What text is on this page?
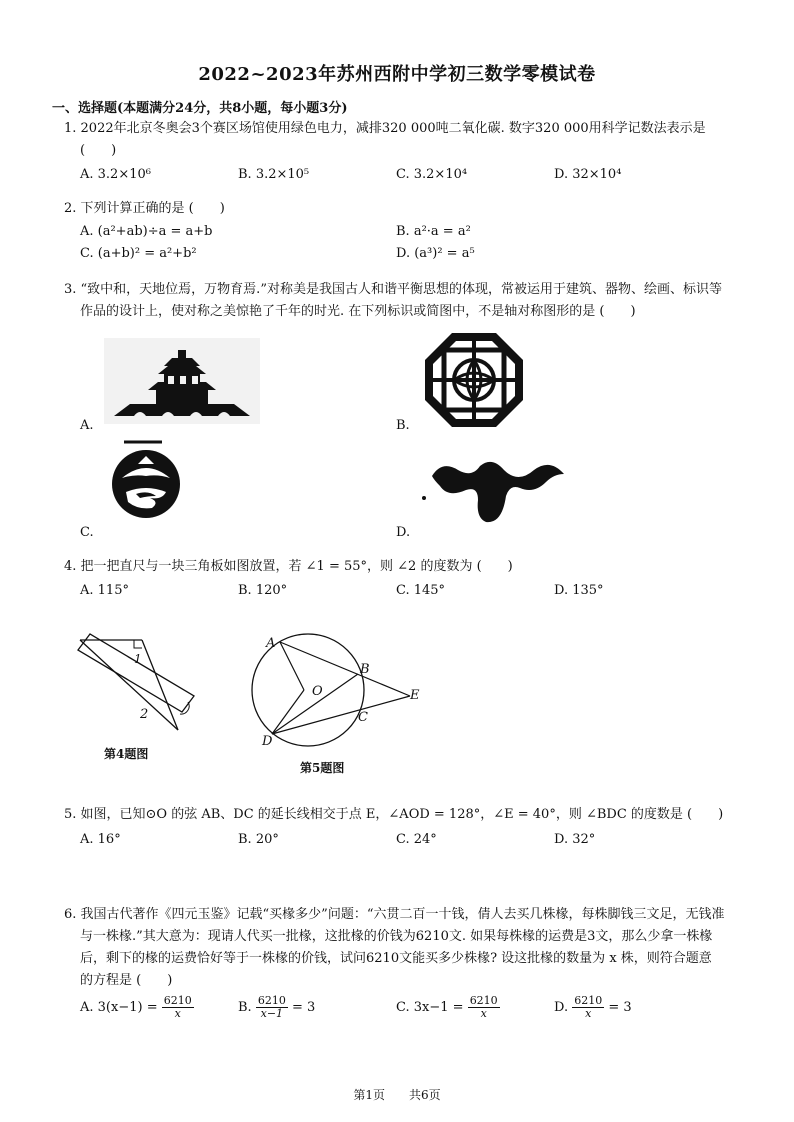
2022~2023年苏州西附中学初三数学零模试卷
一、选择题(本题满分24分，共8小题，每小题3分)
1. 2022年北京冬奥会3个赛区场馆使用绿色电力，减排320 000吨二氧化碳. 数字320 000用科学记数法表示是
(　　)
A. 3.2×10⁶	B. 3.2×10⁵	C. 3.2×10⁴	D. 32×10⁴
2. 下列计算正确的是 (　　)
A. (a²+ab)÷a = a+b	B. a²·a = a²
C. (a+b)² = a²+b²	D. (a³)² = a⁵
3. “致中和，天地位焉，万物育焉.”对称美是我国古人和谐平衡思想的体现，常被运用于建筑、器物、绘画、标识等
作品的设计上，使对称之美惊艳了千年的时光. 在下列标识或简图中，不是轴对称图形的是 (　　)
A.	B.
C.	D.
4. 把一把直尺与一块三角板如图放置，若 ∠1 = 55°，则 ∠2 的度数为 (　　)
A. 115°	B. 120°	C. 145°	D. 135°
1
2
第4题图
A
B
O	E
C
D
第5题图
5. 如图，已知⊙O 的弦 AB、DC 的延长线相交于点 E，∠AOD = 128°，∠E = 40°，则 ∠BDC 的度数是 (　　)
A. 16°	B. 20°	C. 24°	D. 32°
6. 我国古代著作《四元玉鉴》记载“买椽多少”问题：“六贯二百一十钱，倩人去买几株椽，每株脚钱三文足，无钱准
与一株椽.”其大意为：现请人代买一批椽，这批椽的价钱为6210文. 如果每株椽的运费是3文，那么少拿一株椽
后，剩下的椽的运费恰好等于一株椽的价钱，试问6210文能买多少株椽? 设这批椽的数量为 x 株，则符合题意
的方程是 (　　)
A. $3(x-1) = \frac{6210}{x}$	B. $\frac{6210}{x-1} = 3$	C. $3x-1 = \frac{6210}{x}$	D. $\frac{6210}{x} = 3$
第1页　　共6页
